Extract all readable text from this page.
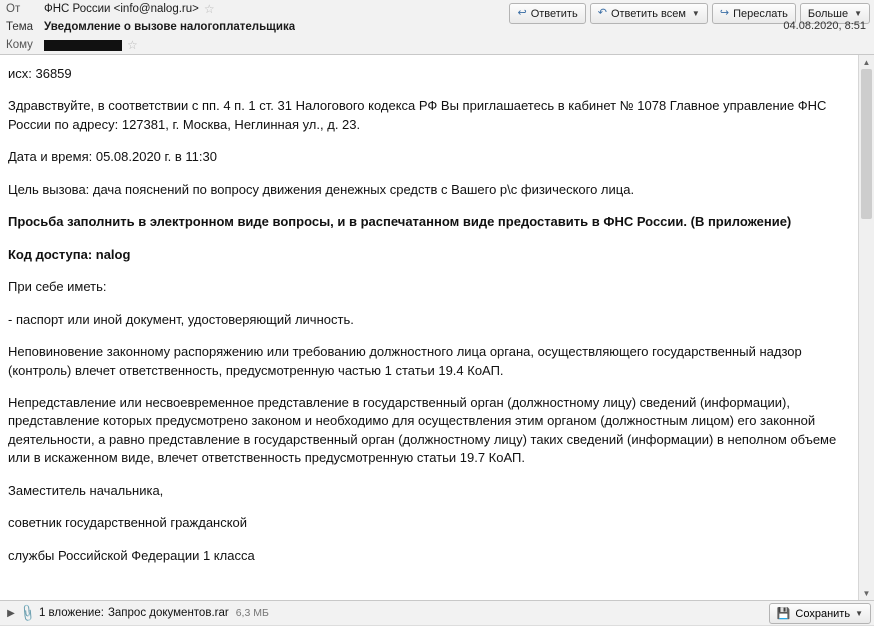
↩ Ответить ↶ Ответить всем ▼ ↪ Переслать Больше ▼
От	ФНС России <info@nalog.ru> ☆
Тема Уведомление о вызове налогоплательщика	04.08.2020, 8:51
Кому	☆

исх: 36859

Здравствуйте, в соответствии с пп. 4 п. 1 ст. 31 Налогового кодекса РФ Вы приглашаетесь в кабинет № 1078 Главное управление ФНС России по адресу: 127381, г. Москва, Неглинная ул., д. 23.

Дата и время: 05.08.2020 г. в 11:30

Цель вызова: дача пояснений по вопросу движения денежных средств с Вашего р\с физического лица.

Просьба заполнить в электронном виде вопросы, и в распечатанном виде предоставить в ФНС России. (В приложение)

Код доступа: nalog

При себе иметь:

- паспорт или иной документ, удостоверяющий личность.

Неповиновение законному распоряжению или требованию должностного лица органа, осуществляющего государственный надзор (контроль) влечет ответственность, предусмотренную частью 1 статьи 19.4 КоАП.

Непредставление или несвоевременное представление в государственный орган (должностному лицу) сведений (информации), представление которых предусмотрено законом и необходимо для осуществления этим органом (должностным лицом) его законной деятельности, а равно представление в государственный орган (должностному лицу) таких сведений (информации) в неполном объеме или в искаженном виде, влечет ответственность предусмотренную статьи 19.7 КоАП.

Заместитель начальника,

советник государственной гражданской

службы Российской Федерации 1 класса

▲
▼
▶ 📎 1 вложение: Запрос документов.rar 6,3 МБ	💾 Сохранить ▼
